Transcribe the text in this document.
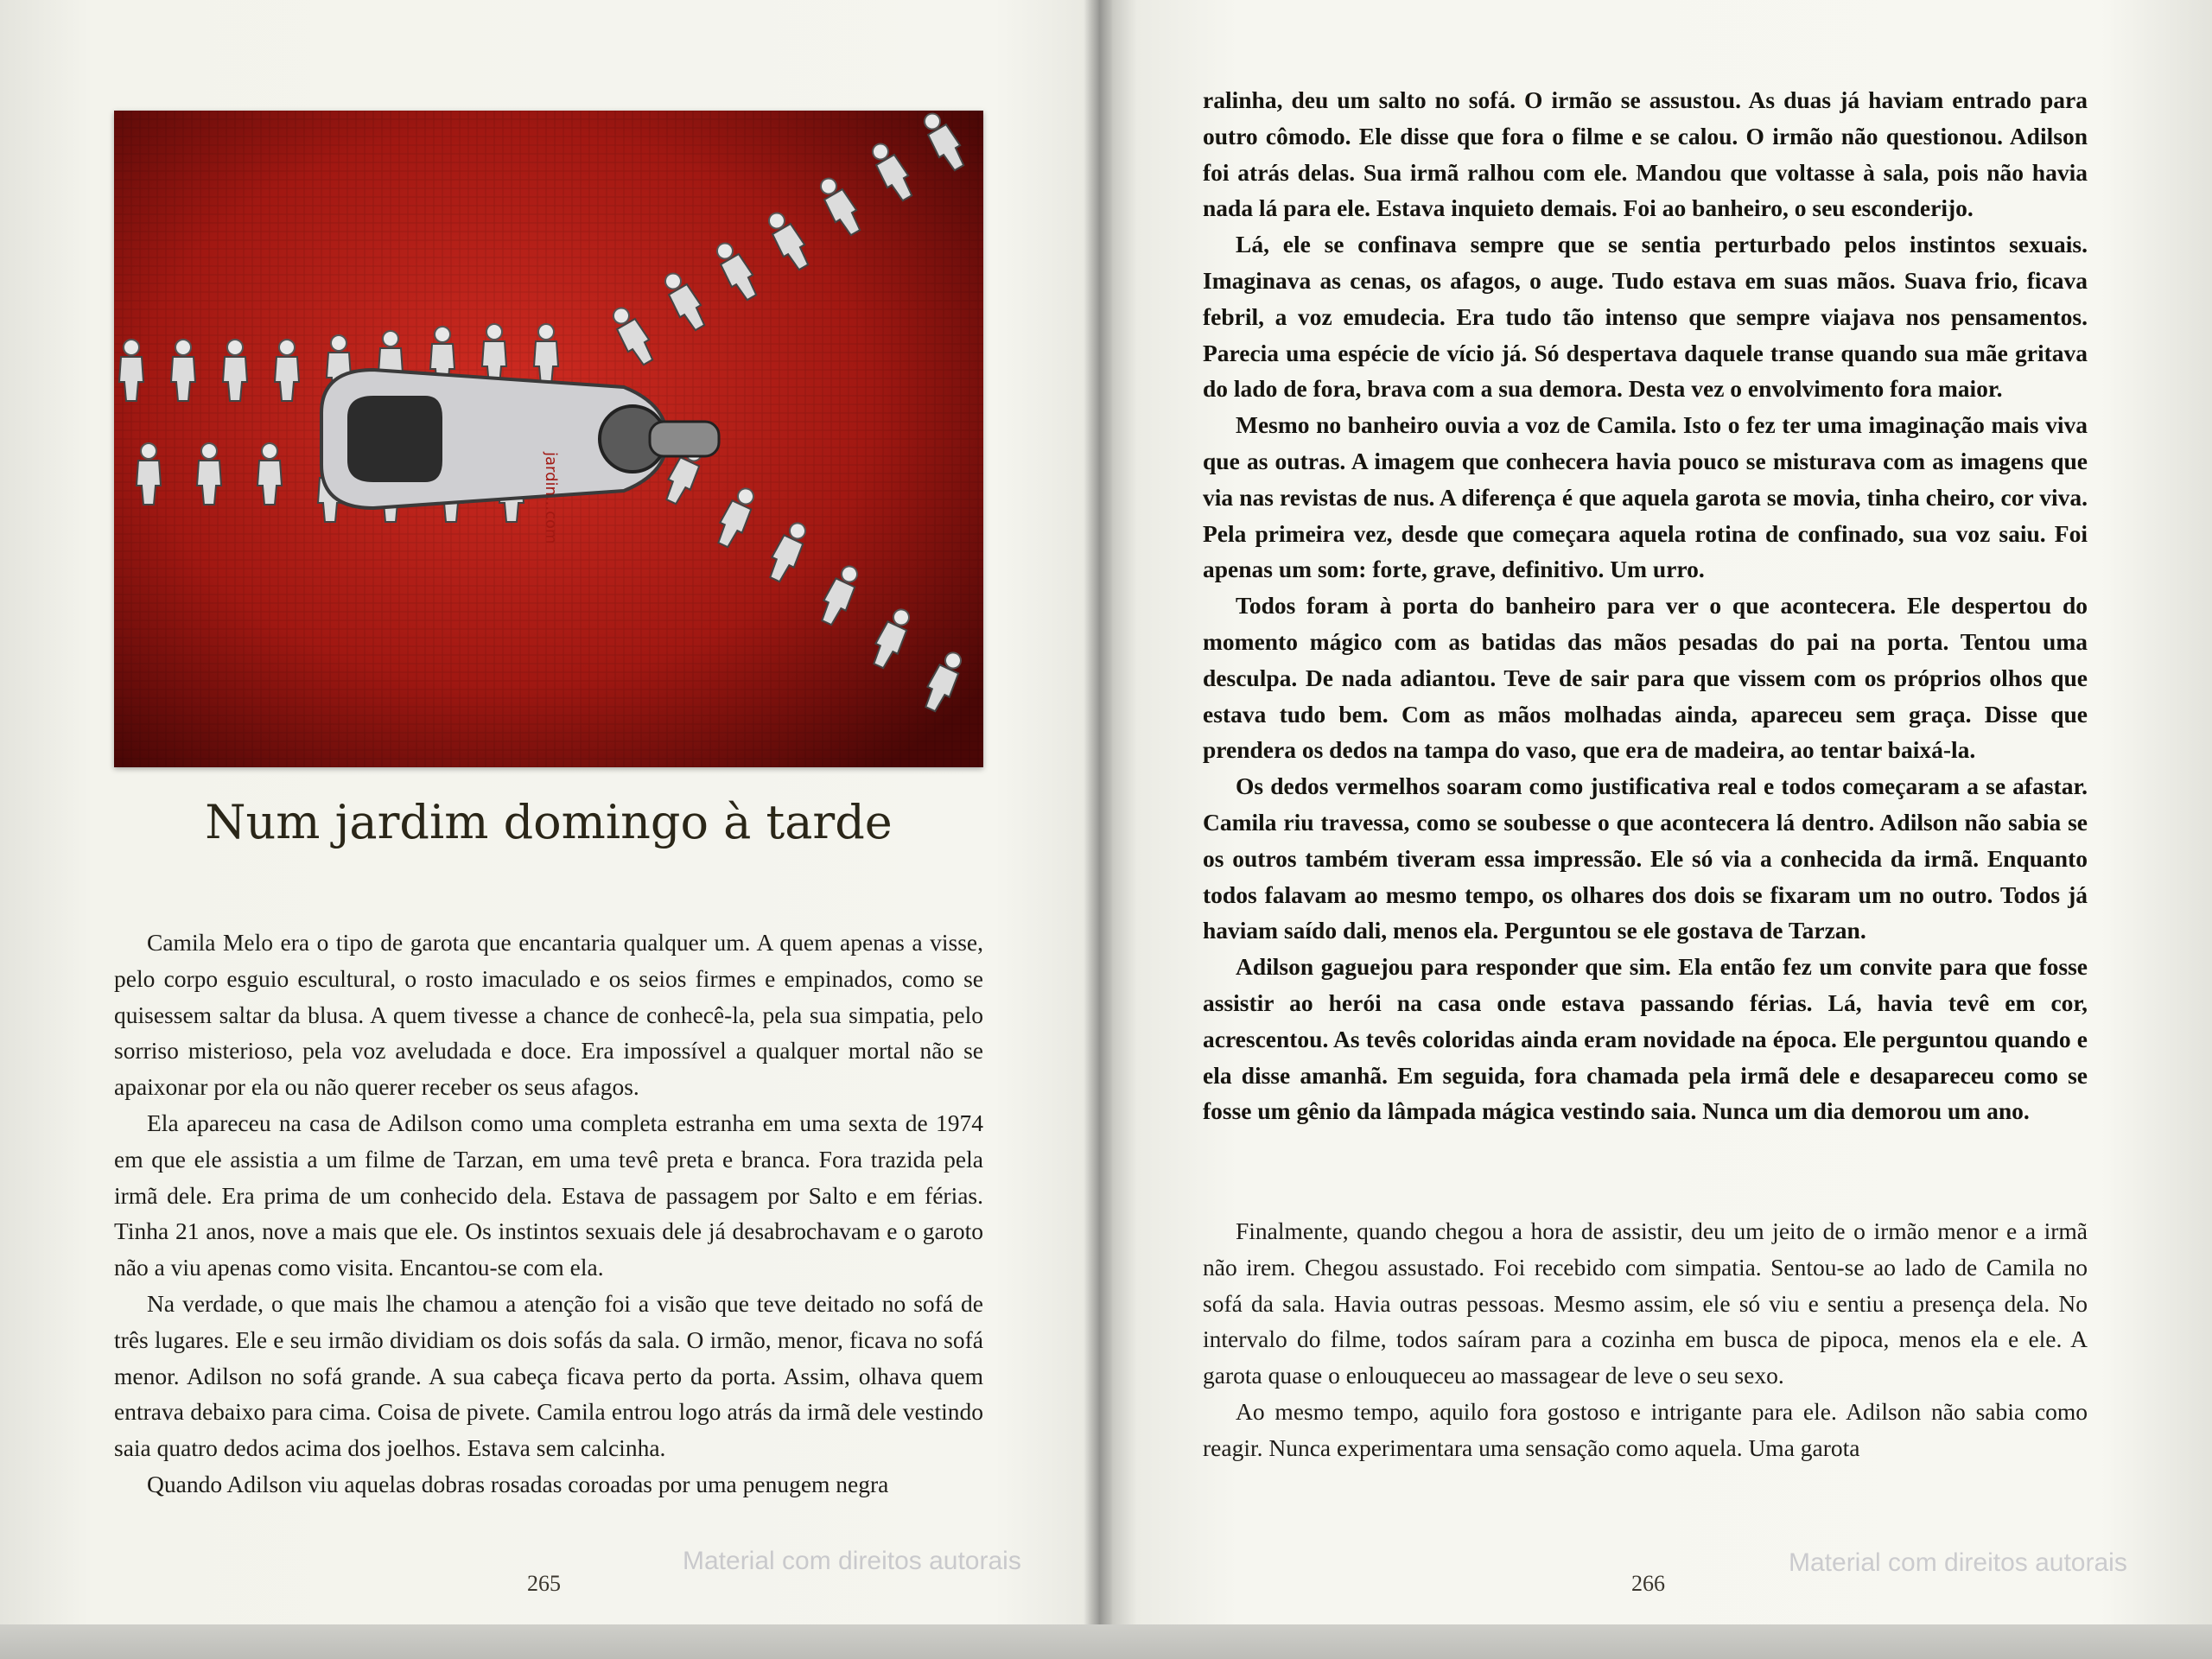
jardin...com
Num jardim domingo à tarde

Camila Melo era o tipo de garota que encantaria qualquer um. A quem apenas a visse, pelo corpo esguio escultural, o rosto imaculado e os seios firmes e empinados, como se quisessem saltar da blusa. A quem tivesse a chance de conhecê-la, pela sua simpatia, pelo sorriso misterioso, pela voz aveludada e doce. Era impossível a qualquer mortal não se apaixonar por ela ou não querer receber os seus afagos.

Ela apareceu na casa de Adilson como uma completa estranha em uma sexta de 1974 em que ele assistia a um filme de Tarzan, em uma tevê preta e branca. Fora trazida pela irmã dele. Era prima de um conhecido dela. Estava de passagem por Salto e em férias. Tinha 21 anos, nove a mais que ele. Os instintos sexuais dele já desabrochavam e o garoto não a viu apenas como visita. Encantou-se com ela.

Na verdade, o que mais lhe chamou a atenção foi a visão que teve deitado no sofá de três lugares. Ele e seu irmão dividiam os dois sofás da sala. O irmão, menor, ficava no sofá menor. Adilson no sofá grande. A sua cabeça ficava perto da porta. Assim, olhava quem entrava debaixo para cima. Coisa de pivete. Camila entrou logo atrás da irmã dele vestindo saia quatro dedos acima dos joelhos. Estava sem calcinha.

Quando Adilson viu aquelas dobras rosadas coroadas por uma penugem negra

265
Material com direitos autorais

ralinha, deu um salto no sofá. O irmão se assustou. As duas já haviam entrado para outro cômodo. Ele disse que fora o filme e se calou. O irmão não questionou. Adilson foi atrás delas. Sua irmã ralhou com ele. Mandou que voltasse à sala, pois não havia nada lá para ele. Estava inquieto demais. Foi ao banheiro, o seu esconderijo.

Lá, ele se confinava sempre que se sentia perturbado pelos instintos sexuais. Imaginava as cenas, os afagos, o auge. Tudo estava em suas mãos. Suava frio, ficava febril, a voz emudecia. Era tudo tão intenso que sempre viajava nos pensamentos. Parecia uma espécie de vício já. Só despertava daquele transe quando sua mãe gritava do lado de fora, brava com a sua demora. Desta vez o envolvimento fora maior.

Mesmo no banheiro ouvia a voz de Camila. Isto o fez ter uma imaginação mais viva que as outras. A imagem que conhecera havia pouco se misturava com as imagens que via nas revistas de nus. A diferença é que aquela garota se movia, tinha cheiro, cor viva. Pela primeira vez, desde que começara aquela rotina de confinado, sua voz saiu. Foi apenas um som: forte, grave, definitivo. Um urro.

Todos foram à porta do banheiro para ver o que acontecera. Ele despertou do momento mágico com as batidas das mãos pesadas do pai na porta. Tentou uma desculpa. De nada adiantou. Teve de sair para que vissem com os próprios olhos que estava tudo bem. Com as mãos molhadas ainda, apareceu sem graça. Disse que prendera os dedos na tampa do vaso, que era de madeira, ao tentar baixá-la.

Os dedos vermelhos soaram como justificativa real e todos começaram a se afastar. Camila riu travessa, como se soubesse o que acontecera lá dentro. Adilson não sabia se os outros também tiveram essa impressão. Ele só via a conhecida da irmã. Enquanto todos falavam ao mesmo tempo, os olhares dos dois se fixaram um no outro. Todos já haviam saído dali, menos ela. Perguntou se ele gostava de Tarzan.

Adilson gaguejou para responder que sim. Ela então fez um convite para que fosse assistir ao herói na casa onde estava passando férias. Lá, havia tevê em cor, acrescentou. As tevês coloridas ainda eram novidade na época. Ele perguntou quando e ela disse amanhã. Em seguida, fora chamada pela irmã dele e desapareceu como se fosse um gênio da lâmpada mágica vestindo saia. Nunca um dia demorou um ano.

Finalmente, quando chegou a hora de assistir, deu um jeito de o irmão menor e a irmã não irem. Chegou assustado. Foi recebido com simpatia. Sentou-se ao lado de Camila no sofá da sala. Havia outras pessoas. Mesmo assim, ele só viu e sentiu a presença dela. No intervalo do filme, todos saíram para a cozinha em busca de pipoca, menos ela e ele. A garota quase o enlouqueceu ao massagear de leve o seu sexo.

Ao mesmo tempo, aquilo fora gostoso e intrigante para ele. Adilson não sabia como reagir. Nunca experimentara uma sensação como aquela. Uma garota

266
Material com direitos autorais
